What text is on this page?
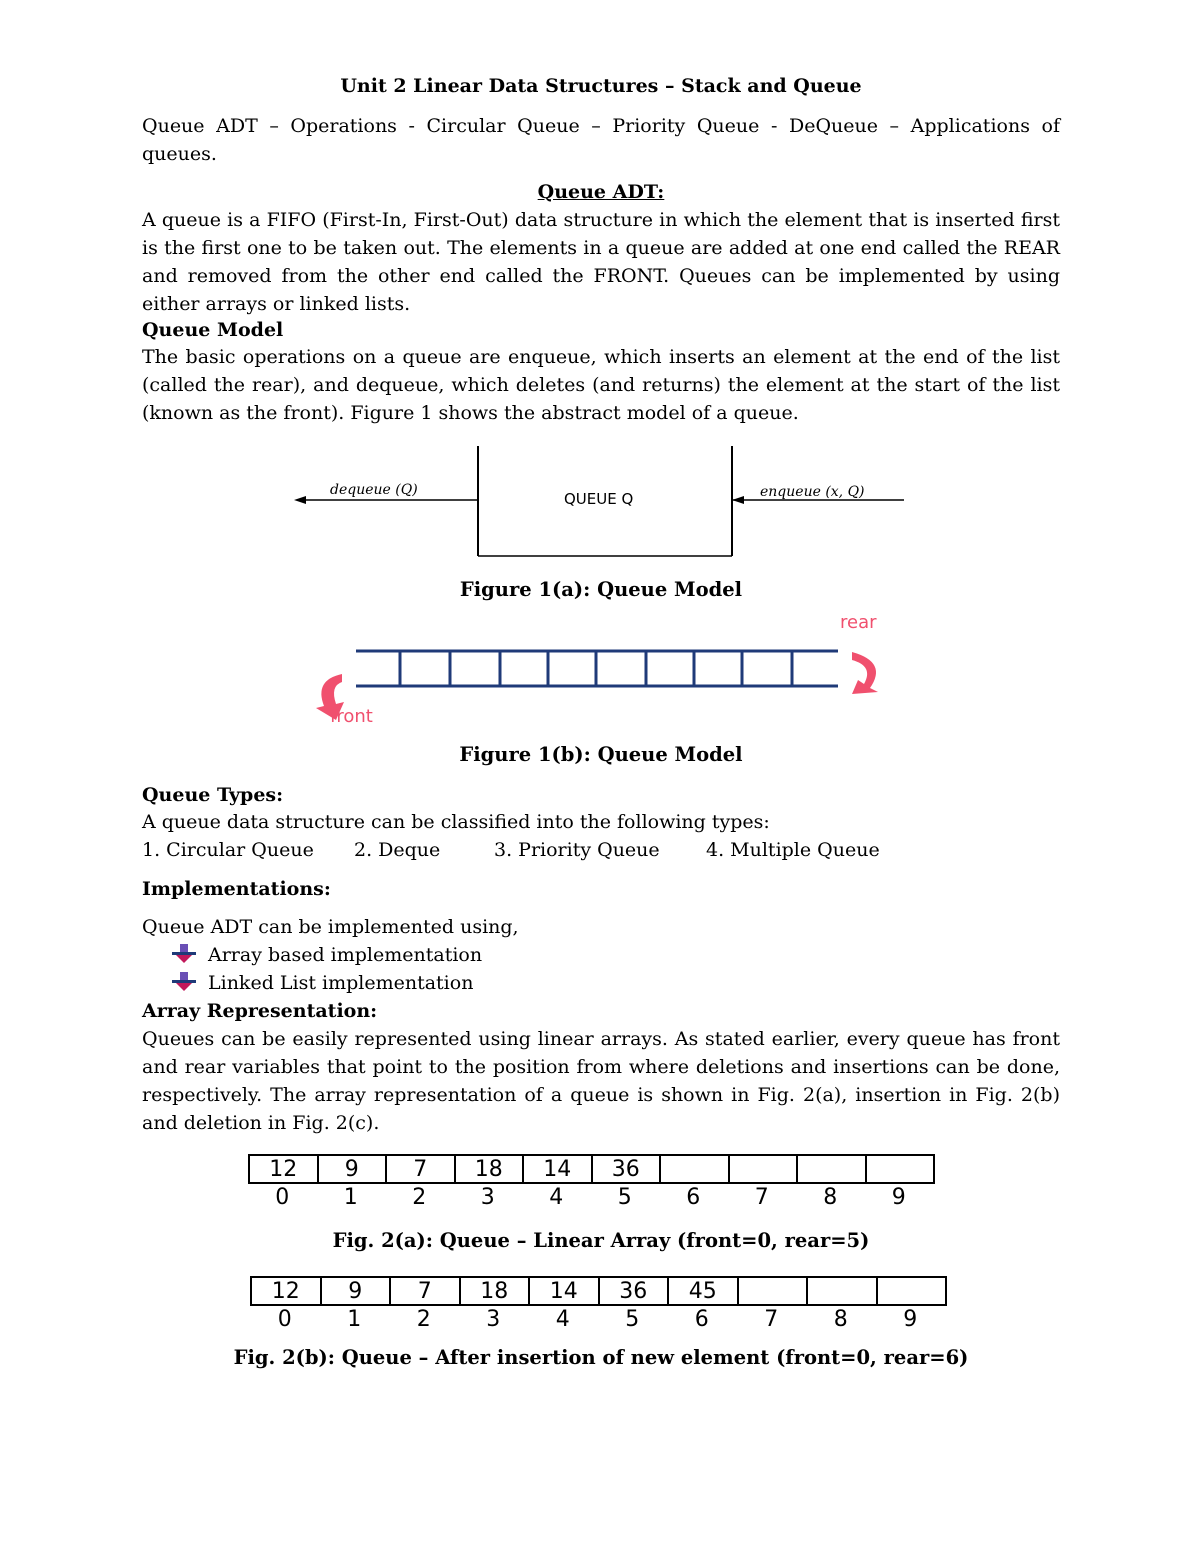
Unit 2 Linear Data Structures – Stack and Queue

Queue ADT – Operations - Circular Queue – Priority Queue - DeQueue – Applications of queues.

Queue ADT:

A queue is a FIFO (First-In, First-Out) data structure in which the element that is inserted first is the first one to be taken out. The elements in a queue are added at one end called the REAR and removed from the other end called the FRONT. Queues can be implemented by using either arrays or linked lists.

Queue Model

The basic operations on a queue are enqueue, which inserts an element at the end of the list (called the rear), and dequeue, which deletes (and returns) the element at the start of the list (known as the front). Figure 1 shows the abstract model of a queue.

dequeue (Q)	QUEUE Q	enqueue (x, Q)

Figure 1(a): Queue Model

rear
front

Figure 1(b): Queue Model

Queue Types:

A queue data structure can be classified into the following types:

1. Circular Queue 2. Deque	3. Priority Queue 4. Multiple Queue

Implementations:

Queue ADT can be implemented using,

Array based implementation
Linked List implementation

Array Representation:

Queues can be easily represented using linear arrays. As stated earlier, every queue has front and rear variables that point to the position from where deletions and insertions can be done, respectively. The array representation of a queue is shown in Fig. 2(a), insertion in Fig. 2(b) and deletion in Fig. 2(c).

12	9	7	18	14	36				
0	1	2	3	4	5	6	7	8	9

Fig. 2(a): Queue – Linear Array (front=0, rear=5)

12	9	7	18	14	36	45			
0	1	2	3	4	5	6	7	8	9

Fig. 2(b): Queue – After insertion of new element (front=0, rear=6)
